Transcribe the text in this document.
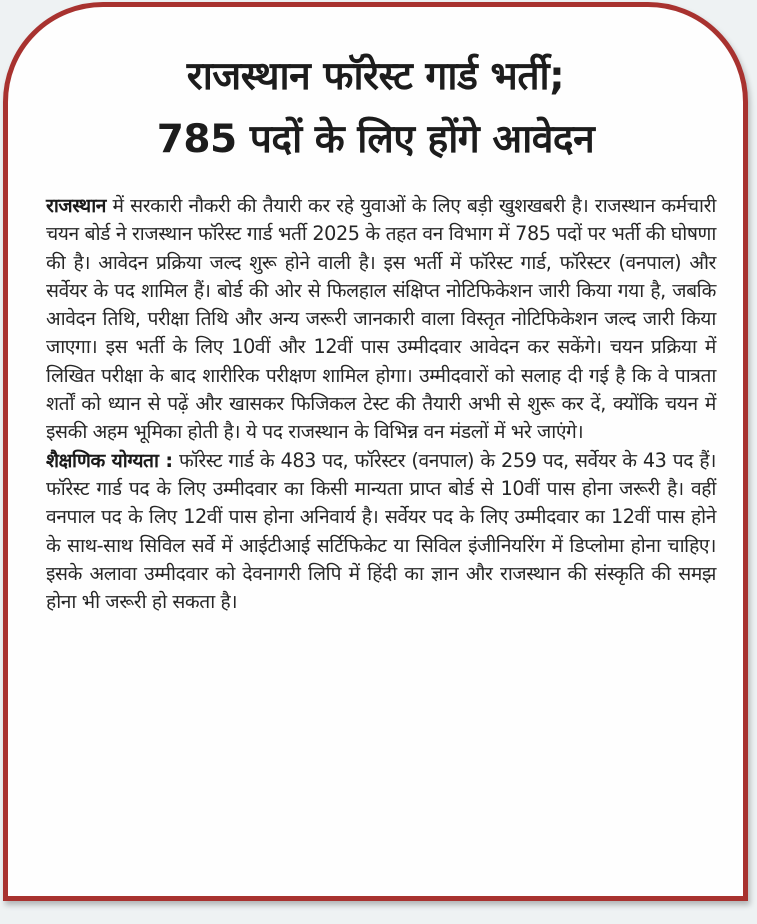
राजस्थान फॉरेस्ट गार्ड भर्ती;
785 पदों के लिए होंगे आवेदन

राजस्थान में सरकारी नौकरी की तैयारी कर रहे युवाओं के लिए बड़ी खुशखबरी है। राजस्थान कर्मचारी चयन बोर्ड ने राजस्थान फॉरेस्ट गार्ड भर्ती 2025 के तहत वन विभाग में 785 पदों पर भर्ती की घोषणा की है। आवेदन प्रक्रिया जल्द शुरू होने वाली है। इस भर्ती में फॉरेस्ट गार्ड, फॉरेस्टर (वनपाल) और सर्वेयर के पद शामिल हैं। बोर्ड की ओर से फिलहाल संक्षिप्त नोटिफिकेशन जारी किया गया है, जबकि आवेदन तिथि, परीक्षा तिथि और अन्य जरूरी जानकारी वाला विस्तृत नोटिफिकेशन जल्द जारी किया जाएगा। इस भर्ती के लिए 10वीं और 12वीं पास उम्मीदवार आवेदन कर सकेंगे। चयन प्रक्रिया में लिखित परीक्षा के बाद शारीरिक परीक्षण शामिल होगा। उम्मीदवारों को सलाह दी गई है कि वे पात्रता शर्तों को ध्यान से पढ़ें और खासकर फिजिकल टेस्ट की तैयारी अभी से शुरू कर दें, क्योंकि चयन में इसकी अहम भूमिका होती है। ये पद राजस्थान के विभिन्न वन मंडलों में भरे जाएंगे।

शैक्षणिक योग्यता : फॉरेस्ट गार्ड के 483 पद, फॉरेस्टर (वनपाल) के 259 पद, सर्वेयर के 43 पद हैं। फॉरेस्ट गार्ड पद के लिए उम्मीदवार का किसी मान्यता प्राप्त बोर्ड से 10वीं पास होना जरूरी है। वहीं वनपाल पद के लिए 12वीं पास होना अनिवार्य है। सर्वेयर पद के लिए उम्मीदवार का 12वीं पास होने के साथ-साथ सिविल सर्वे में आईटीआई सर्टिफिकेट या सिविल इंजीनियरिंग में डिप्लोमा होना चाहिए। इसके अलावा उम्मीदवार को देवनागरी लिपि में हिंदी का ज्ञान और राजस्थान की संस्कृति की समझ होना भी जरूरी हो सकता है।
